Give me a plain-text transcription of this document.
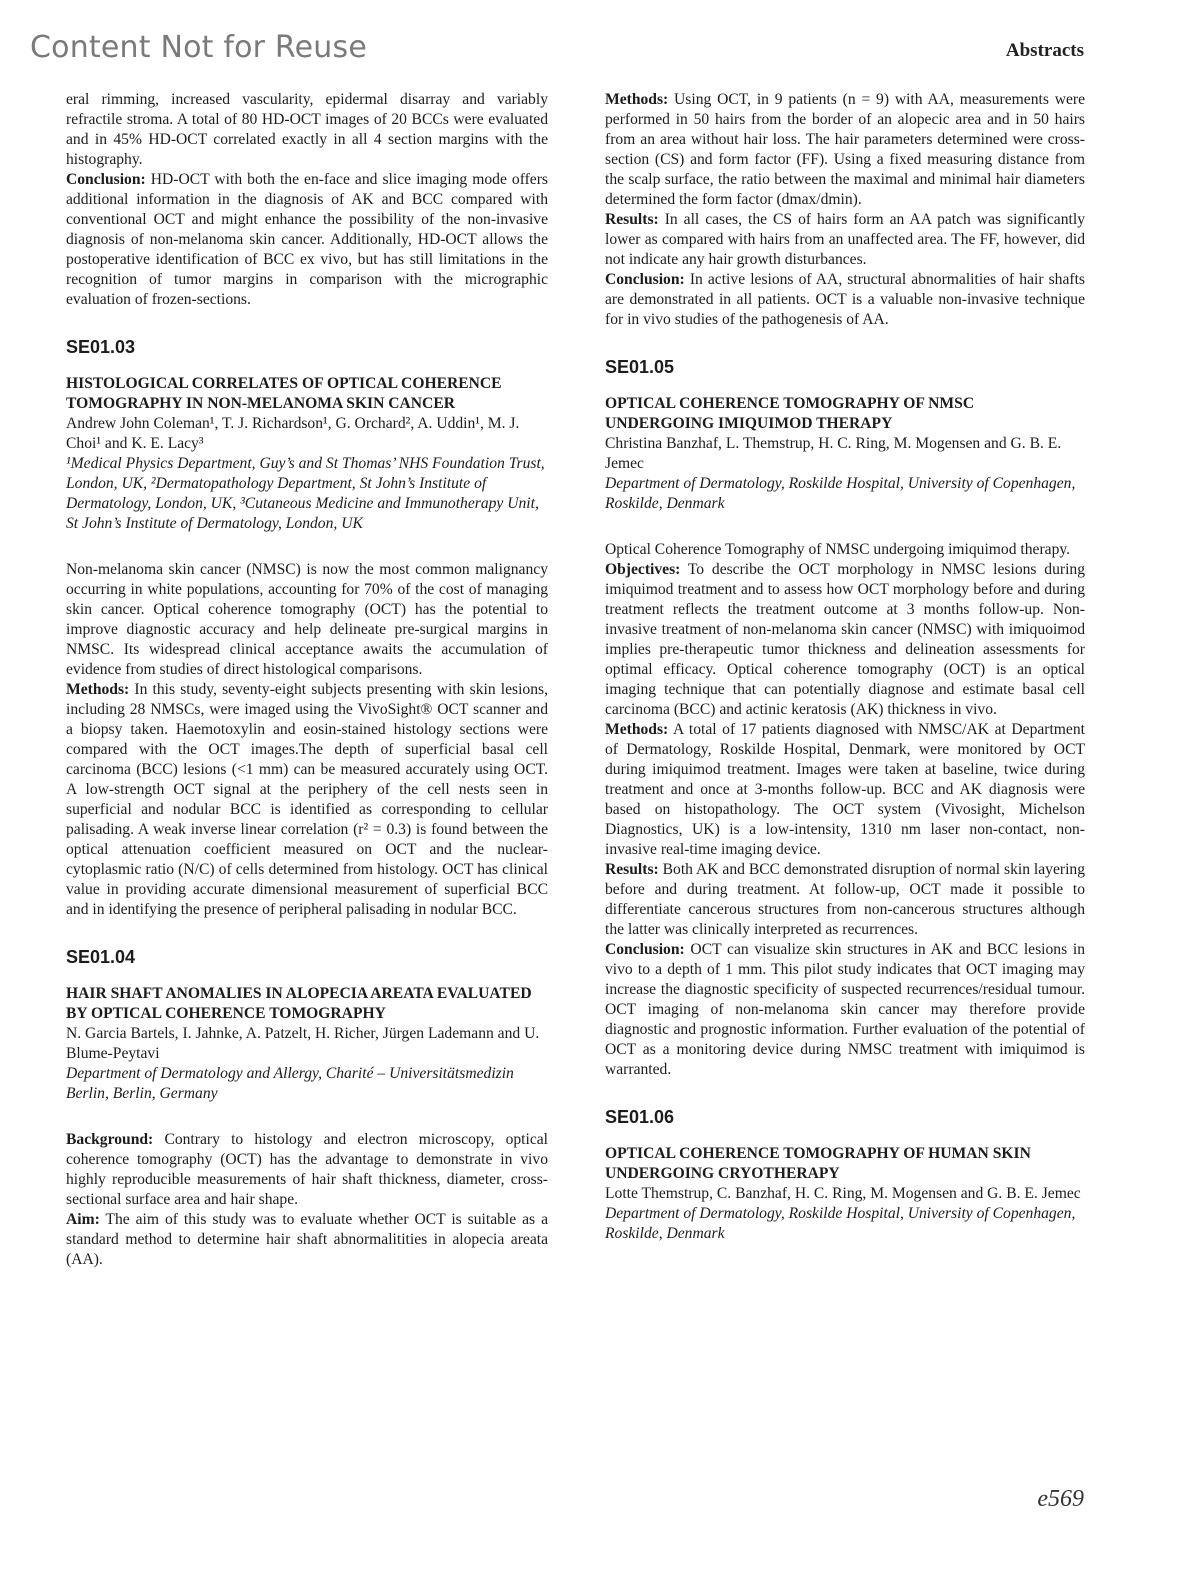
Content Not for Reuse	Abstracts

eral rimming, increased vascularity, epidermal disarray and variably refractile stroma. A total of 80 HD-OCT images of 20 BCCs were evaluated and in 45% HD-OCT correlated exactly in all 4 section margins with the histography.

Conclusion: HD-OCT with both the en-face and slice imaging mode offers additional information in the diagnosis of AK and BCC compared with conventional OCT and might enhance the possibility of the non-invasive diagnosis of non-melanoma skin cancer. Additionally, HD-OCT allows the postoperative identification of BCC ex vivo, but has still limitations in the recognition of tumor margins in comparison with the micrographic evaluation of frozen-sections.

SE01.03
HISTOLOGICAL CORRELATES OF OPTICAL COHERENCE TOMOGRAPHY IN NON-MELANOMA SKIN CANCER

Andrew John Coleman¹, T. J. Richardson¹, G. Orchard², A. Uddin¹, M. J. Choi¹ and K. E. Lacy³

¹Medical Physics Department, Guy’s and St Thomas’ NHS Foundation Trust, London, UK, ²Dermatopathology Department, St John’s Institute of Dermatology, London, UK, ³Cutaneous Medicine and Immunotherapy Unit, St John’s Institute of Dermatology, London, UK

Non-melanoma skin cancer (NMSC) is now the most common malignancy occurring in white populations, accounting for 70% of the cost of managing skin cancer. Optical coherence tomography (OCT) has the potential to improve diagnostic accuracy and help delineate pre-surgical margins in NMSC. Its widespread clinical acceptance awaits the accumulation of evidence from studies of direct histological comparisons.

Methods: In this study, seventy-eight subjects presenting with skin lesions, including 28 NMSCs, were imaged using the VivoSight® OCT scanner and a biopsy taken. Haemotoxylin and eosin-stained histology sections were compared with the OCT images.The depth of superficial basal cell carcinoma (BCC) lesions (<1 mm) can be measured accurately using OCT. A low-strength OCT signal at the periphery of the cell nests seen in superficial and nodular BCC is identified as corresponding to cellular palisading. A weak inverse linear correlation (r² = 0.3) is found between the optical attenuation coefficient measured on OCT and the nuclear-cytoplasmic ratio (N/C) of cells determined from histology. OCT has clinical value in providing accurate dimensional measurement of superficial BCC and in identifying the presence of peripheral palisading in nodular BCC.

SE01.04
HAIR SHAFT ANOMALIES IN ALOPECIA AREATA EVALUATED BY OPTICAL COHERENCE TOMOGRAPHY

N. Garcia Bartels, I. Jahnke, A. Patzelt, H. Richer, Jürgen Lademann and U. Blume-Peytavi

Department of Dermatology and Allergy, Charité – Universitätsmedizin Berlin, Berlin, Germany

Background: Contrary to histology and electron microscopy, optical coherence tomography (OCT) has the advantage to demonstrate in vivo highly reproducible measurements of hair shaft thickness, diameter, cross-sectional surface area and hair shape.

Aim: The aim of this study was to evaluate whether OCT is suitable as a standard method to determine hair shaft abnormalitities in alopecia areata (AA).

Methods: Using OCT, in 9 patients (n = 9) with AA, measurements were performed in 50 hairs from the border of an alopecic area and in 50 hairs from an area without hair loss. The hair parameters determined were cross-section (CS) and form factor (FF). Using a fixed measuring distance from the scalp surface, the ratio between the maximal and minimal hair diameters determined the form factor (dmax/dmin).

Results: In all cases, the CS of hairs form an AA patch was significantly lower as compared with hairs from an unaffected area. The FF, however, did not indicate any hair growth disturbances.

Conclusion: In active lesions of AA, structural abnormalities of hair shafts are demonstrated in all patients. OCT is a valuable non-invasive technique for in vivo studies of the pathogenesis of AA.

SE01.05
OPTICAL COHERENCE TOMOGRAPHY OF NMSC UNDERGOING IMIQUIMOD THERAPY

Christina Banzhaf, L. Themstrup, H. C. Ring, M. Mogensen and G. B. E. Jemec

Department of Dermatology, Roskilde Hospital, University of Copenhagen, Roskilde, Denmark

Optical Coherence Tomography of NMSC undergoing imiquimod therapy.

Objectives: To describe the OCT morphology in NMSC lesions during imiquimod treatment and to assess how OCT morphology before and during treatment reflects the treatment outcome at 3 months follow-up. Non-invasive treatment of non-melanoma skin cancer (NMSC) with imiquoimod implies pre-therapeutic tumor thickness and delineation assessments for optimal efficacy. Optical coherence tomography (OCT) is an optical imaging technique that can potentially diagnose and estimate basal cell carcinoma (BCC) and actinic keratosis (AK) thickness in vivo.

Methods: A total of 17 patients diagnosed with NMSC/AK at Department of Dermatology, Roskilde Hospital, Denmark, were monitored by OCT during imiquimod treatment. Images were taken at baseline, twice during treatment and once at 3-months follow-up. BCC and AK diagnosis were based on histopathology. The OCT system (Vivosight, Michelson Diagnostics, UK) is a low-intensity, 1310 nm laser non-contact, non-invasive real-time imaging device.

Results: Both AK and BCC demonstrated disruption of normal skin layering before and during treatment. At follow-up, OCT made it possible to differentiate cancerous structures from non-cancerous structures although the latter was clinically interpreted as recurrences.

Conclusion: OCT can visualize skin structures in AK and BCC lesions in vivo to a depth of 1 mm. This pilot study indicates that OCT imaging may increase the diagnostic specificity of suspected recurrences/residual tumour. OCT imaging of non-melanoma skin cancer may therefore provide diagnostic and prognostic information. Further evaluation of the potential of OCT as a monitoring device during NMSC treatment with imiquimod is warranted.

SE01.06
OPTICAL COHERENCE TOMOGRAPHY OF HUMAN SKIN UNDERGOING CRYOTHERAPY

Lotte Themstrup, C. Banzhaf, H. C. Ring, M. Mogensen and G. B. E. Jemec

Department of Dermatology, Roskilde Hospital, University of Copenhagen, Roskilde, Denmark

e569
